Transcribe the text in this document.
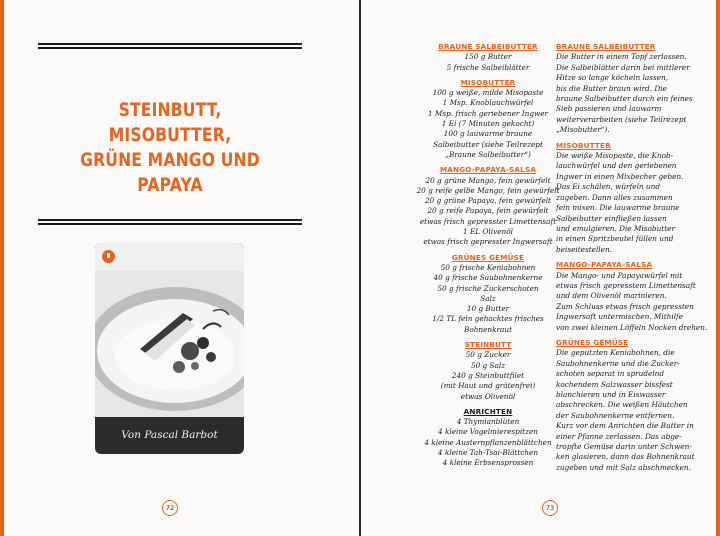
STEINBUTT, MISOBUTTER,
GRÜNE MANGO UND
PAPAYA
Von Pascal Barbot
72
BRAUNE SALBEIBUTTER
150 g Butter
5 frische Salbeiblätter
MISOBUTTER
100 g weiße, milde Misopaste
1 Msp. Knoblauchwürfel
1 Msp. frisch geriebener Ingwer
1 Ei (7 Minuten gekocht)
100 g lauwarme braune
Salbeibutter (siehe Teilrezept
„Braune Salbeibutter“)
MANGO-PAPAYA-SALSA
20 g grüne Mango, fein gewürfelt
20 g reife gelbe Mango, fein gewürfelt
20 g grüne Papaya, fein gewürfelt
20 g reife Papaya, fein gewürfelt
etwas frisch gepresster Limettensaft
1 EL Olivenöl
etwas frisch gepresster Ingwersaft
GRÜNES GEMÜSE
50 g frische Keniabohnen
40 g frische Saubohnenkerne
50 g frische Zuckerschoten
Salz
10 g Butter
1/2 TL fein gehacktes frisches
Bohnenkraut
STEINBUTT
50 g Zucker
50 g Salz
240 g Steinbuttfilet
(mit Haut und grätenfrei)
etwas Olivenöl
ANRICHTEN
4 Thymianblüten
4 kleine Vogelmierespitzen
4 kleine Austernpflanzenblättchen
4 kleine Tah-Tsai-Blättchen
4 kleine Erbsensprossen
BRAUNE SALBEIBUTTER
Die Butter in einem Topf zerlassen.
Die Salbeiblätter darin bei mittlerer
Hitze so lange köcheln lassen,
bis die Butter braun wird. Die
braune Salbeibutter durch ein feines
Sieb passieren und lauwarm
weiterverarbeiten (siehe Teilrezept
„Misobutter“).
MISOBUTTER
Die weiße Misopaste, die Knob-
lauchwürfel und den geriebenen
Ingwer in einen Mixbecher geben.
Das Ei schälen, würfeln und
zugeben. Dann alles zusammen
fein mixen. Die lauwarme braune
Salbeibutter einfließen lassen
und emulgieren. Die Misobutter
in einen Spritzbeutel füllen und
beiseitestellen.
MANGO-PAPAYA-SALSA
Die Mango- und Papayawürfel mit
etwas frisch gepresstem Limettensaft
und dem Olivenöl marinieren.
Zum Schluss etwas frisch gepressten
Ingwersaft untermischen. Mithilfe
von zwei kleinen Löffeln Nocken drehen.
GRÜNES GEMÜSE
Die geputzten Keniabohnen, die
Saubohnenkerne und die Zucker-
schoten separat in sprudelnd
kochendem Salzwasser bissfest
blanchieren und in Eiswasser
abschrecken. Die weißen Häutchen
der Saubohnenkerne entfernen.
Kurz vor dem Anrichten die Butter in
einer Pfanne zerlassen. Das abge-
tropfte Gemüse darin unter Schwen-
ken glasieren, dann das Bohnenkraut
zugeben und mit Salz abschmecken.
73
